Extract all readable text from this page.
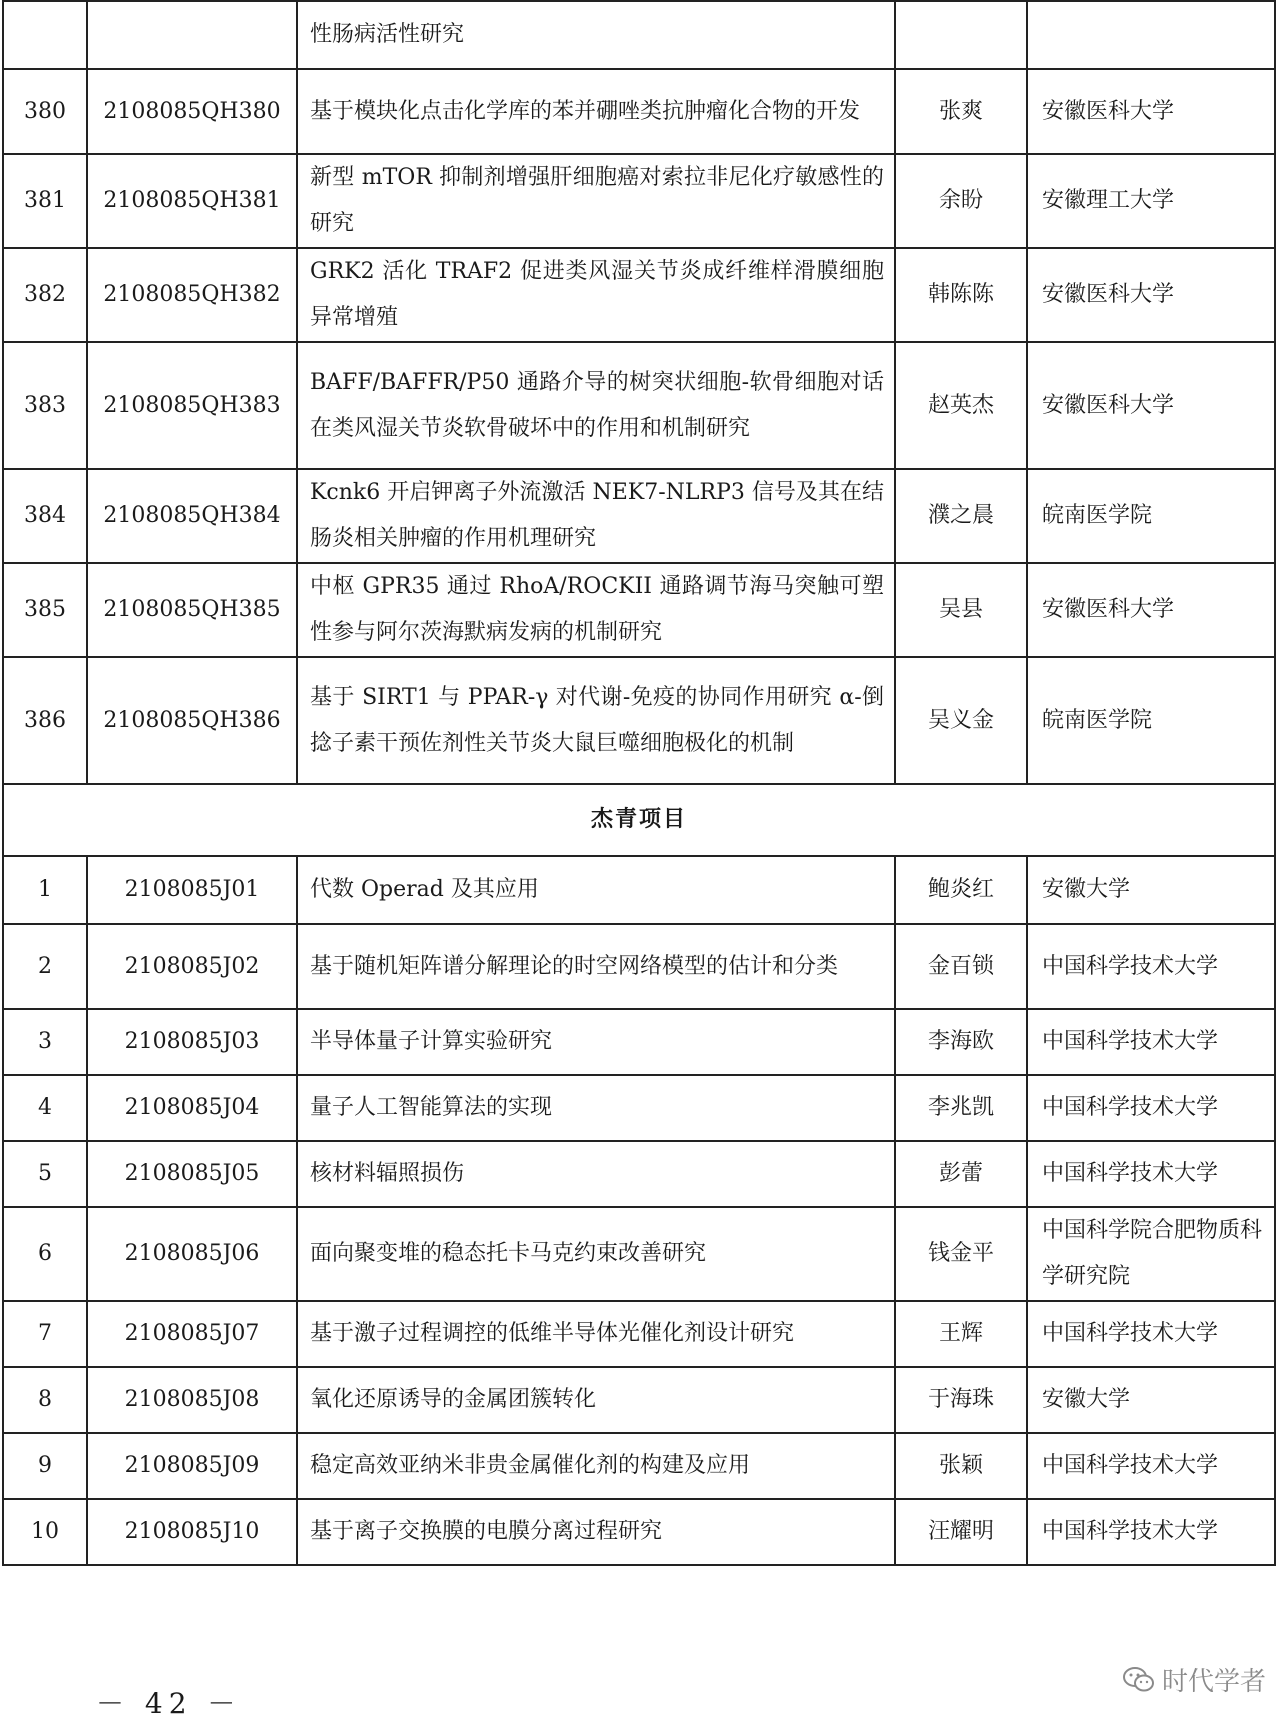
		性肠病活性研究		
380	2108085QH380	基于模块化点击化学库的苯并硼唑类抗肿瘤化合物的开发	张爽	安徽医科大学
381	2108085QH381	新型 mTOR 抑制剂增强肝细胞癌对索拉非尼化疗敏感性的研究	余盼	安徽理工大学
382	2108085QH382	GRK2 活化 TRAF2 促进类风湿关节炎成纤维样滑膜细胞异常增殖	韩陈陈	安徽医科大学
383	2108085QH383	BAFF/BAFFR/P50 通路介导的树突状细胞-软骨细胞对话在类风湿关节炎软骨破坏中的作用和机制研究	赵英杰	安徽医科大学
384	2108085QH384	Kcnk6 开启钾离子外流激活 NEK7-NLRP3 信号及其在结肠炎相关肿瘤的作用机理研究	濮之晨	皖南医学院
385	2108085QH385	中枢 GPR35 通过 RhoA/ROCKII 通路调节海马突触可塑性参与阿尔茨海默病发病的机制研究	吴县	安徽医科大学
386	2108085QH386	基于 SIRT1 与 PPAR-γ 对代谢-免疫的协同作用研究 α-倒捻子素干预佐剂性关节炎大鼠巨噬细胞极化的机制	吴义金	皖南医学院
杰青项目				
1	2108085J01	代数 Operad 及其应用	鲍炎红	安徽大学
2	2108085J02	基于随机矩阵谱分解理论的时空网络模型的估计和分类	金百锁	中国科学技术大学
3	2108085J03	半导体量子计算实验研究	李海欧	中国科学技术大学
4	2108085J04	量子人工智能算法的实现	李兆凯	中国科学技术大学
5	2108085J05	核材料辐照损伤	彭蕾	中国科学技术大学
6	2108085J06	面向聚变堆的稳态托卡马克约束改善研究	钱金平	中国科学院合肥物质科学研究院
7	2108085J07	基于激子过程调控的低维半导体光催化剂设计研究	王辉	中国科学技术大学
8	2108085J08	氧化还原诱导的金属团簇转化	于海珠	安徽大学
9	2108085J09	稳定高效亚纳米非贵金属催化剂的构建及应用	张颖	中国科学技术大学
10	2108085J10	基于离子交换膜的电膜分离过程研究	汪耀明	中国科学技术大学
－ 42 －
时代学者
